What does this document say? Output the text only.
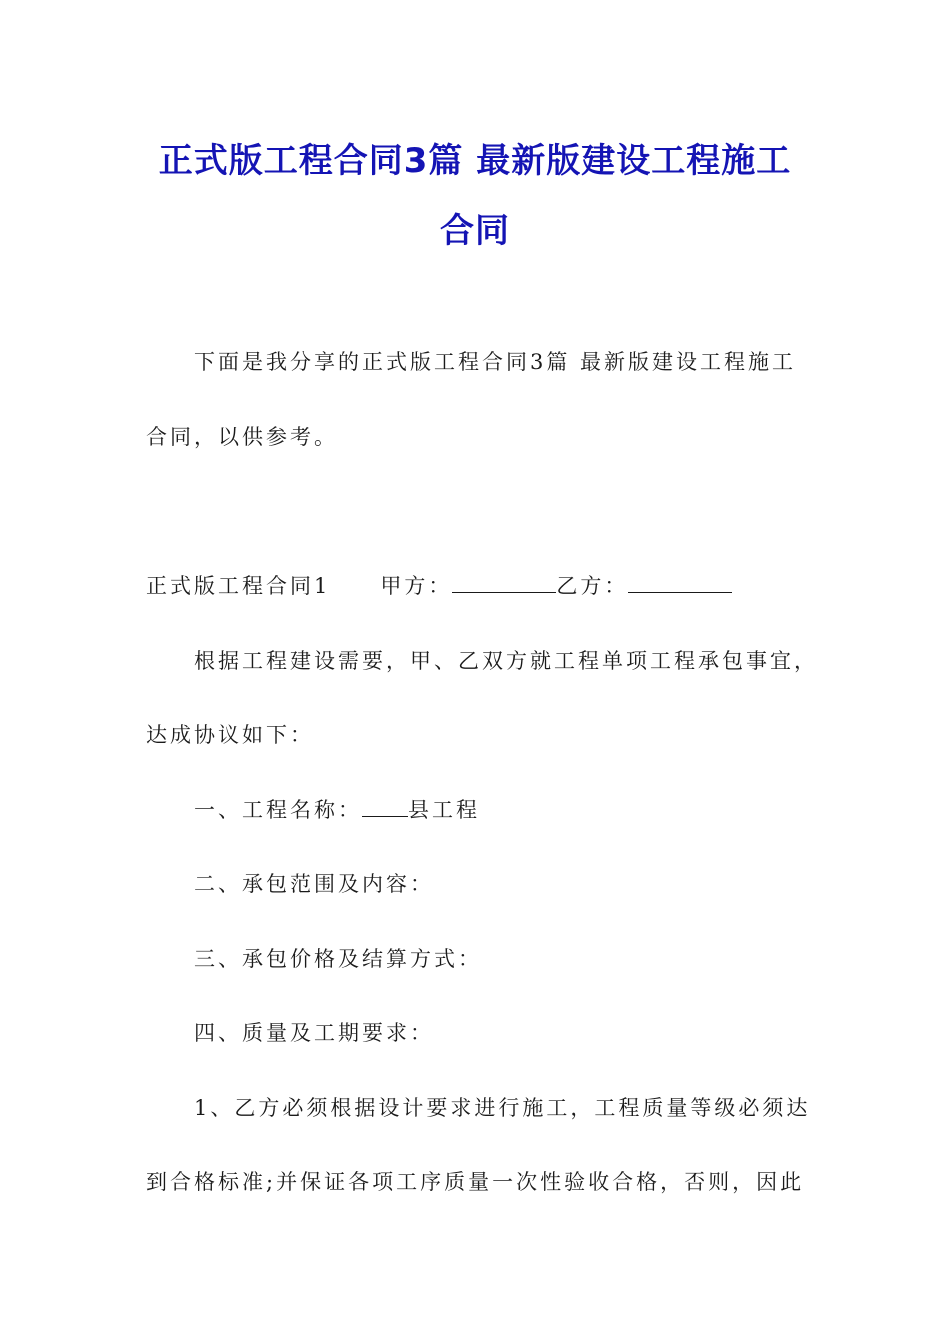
正式版工程合同3篇 最新版建设工程施工
合同
下面是我分享的正式版工程合同3篇 最新版建设工程施工
合同，以供参考。
正式版工程合同1 甲方：	乙方：
根据工程建设需要，甲、乙双方就工程单项工程承包事宜，
达成协议如下：
一、工程名称： 县工程
二、承包范围及内容：
三、承包价格及结算方式：
四、质量及工期要求：
1、乙方必须根据设计要求进行施工，工程质量等级必须达
到合格标准;并保证各项工序质量一次性验收合格，否则，因此
